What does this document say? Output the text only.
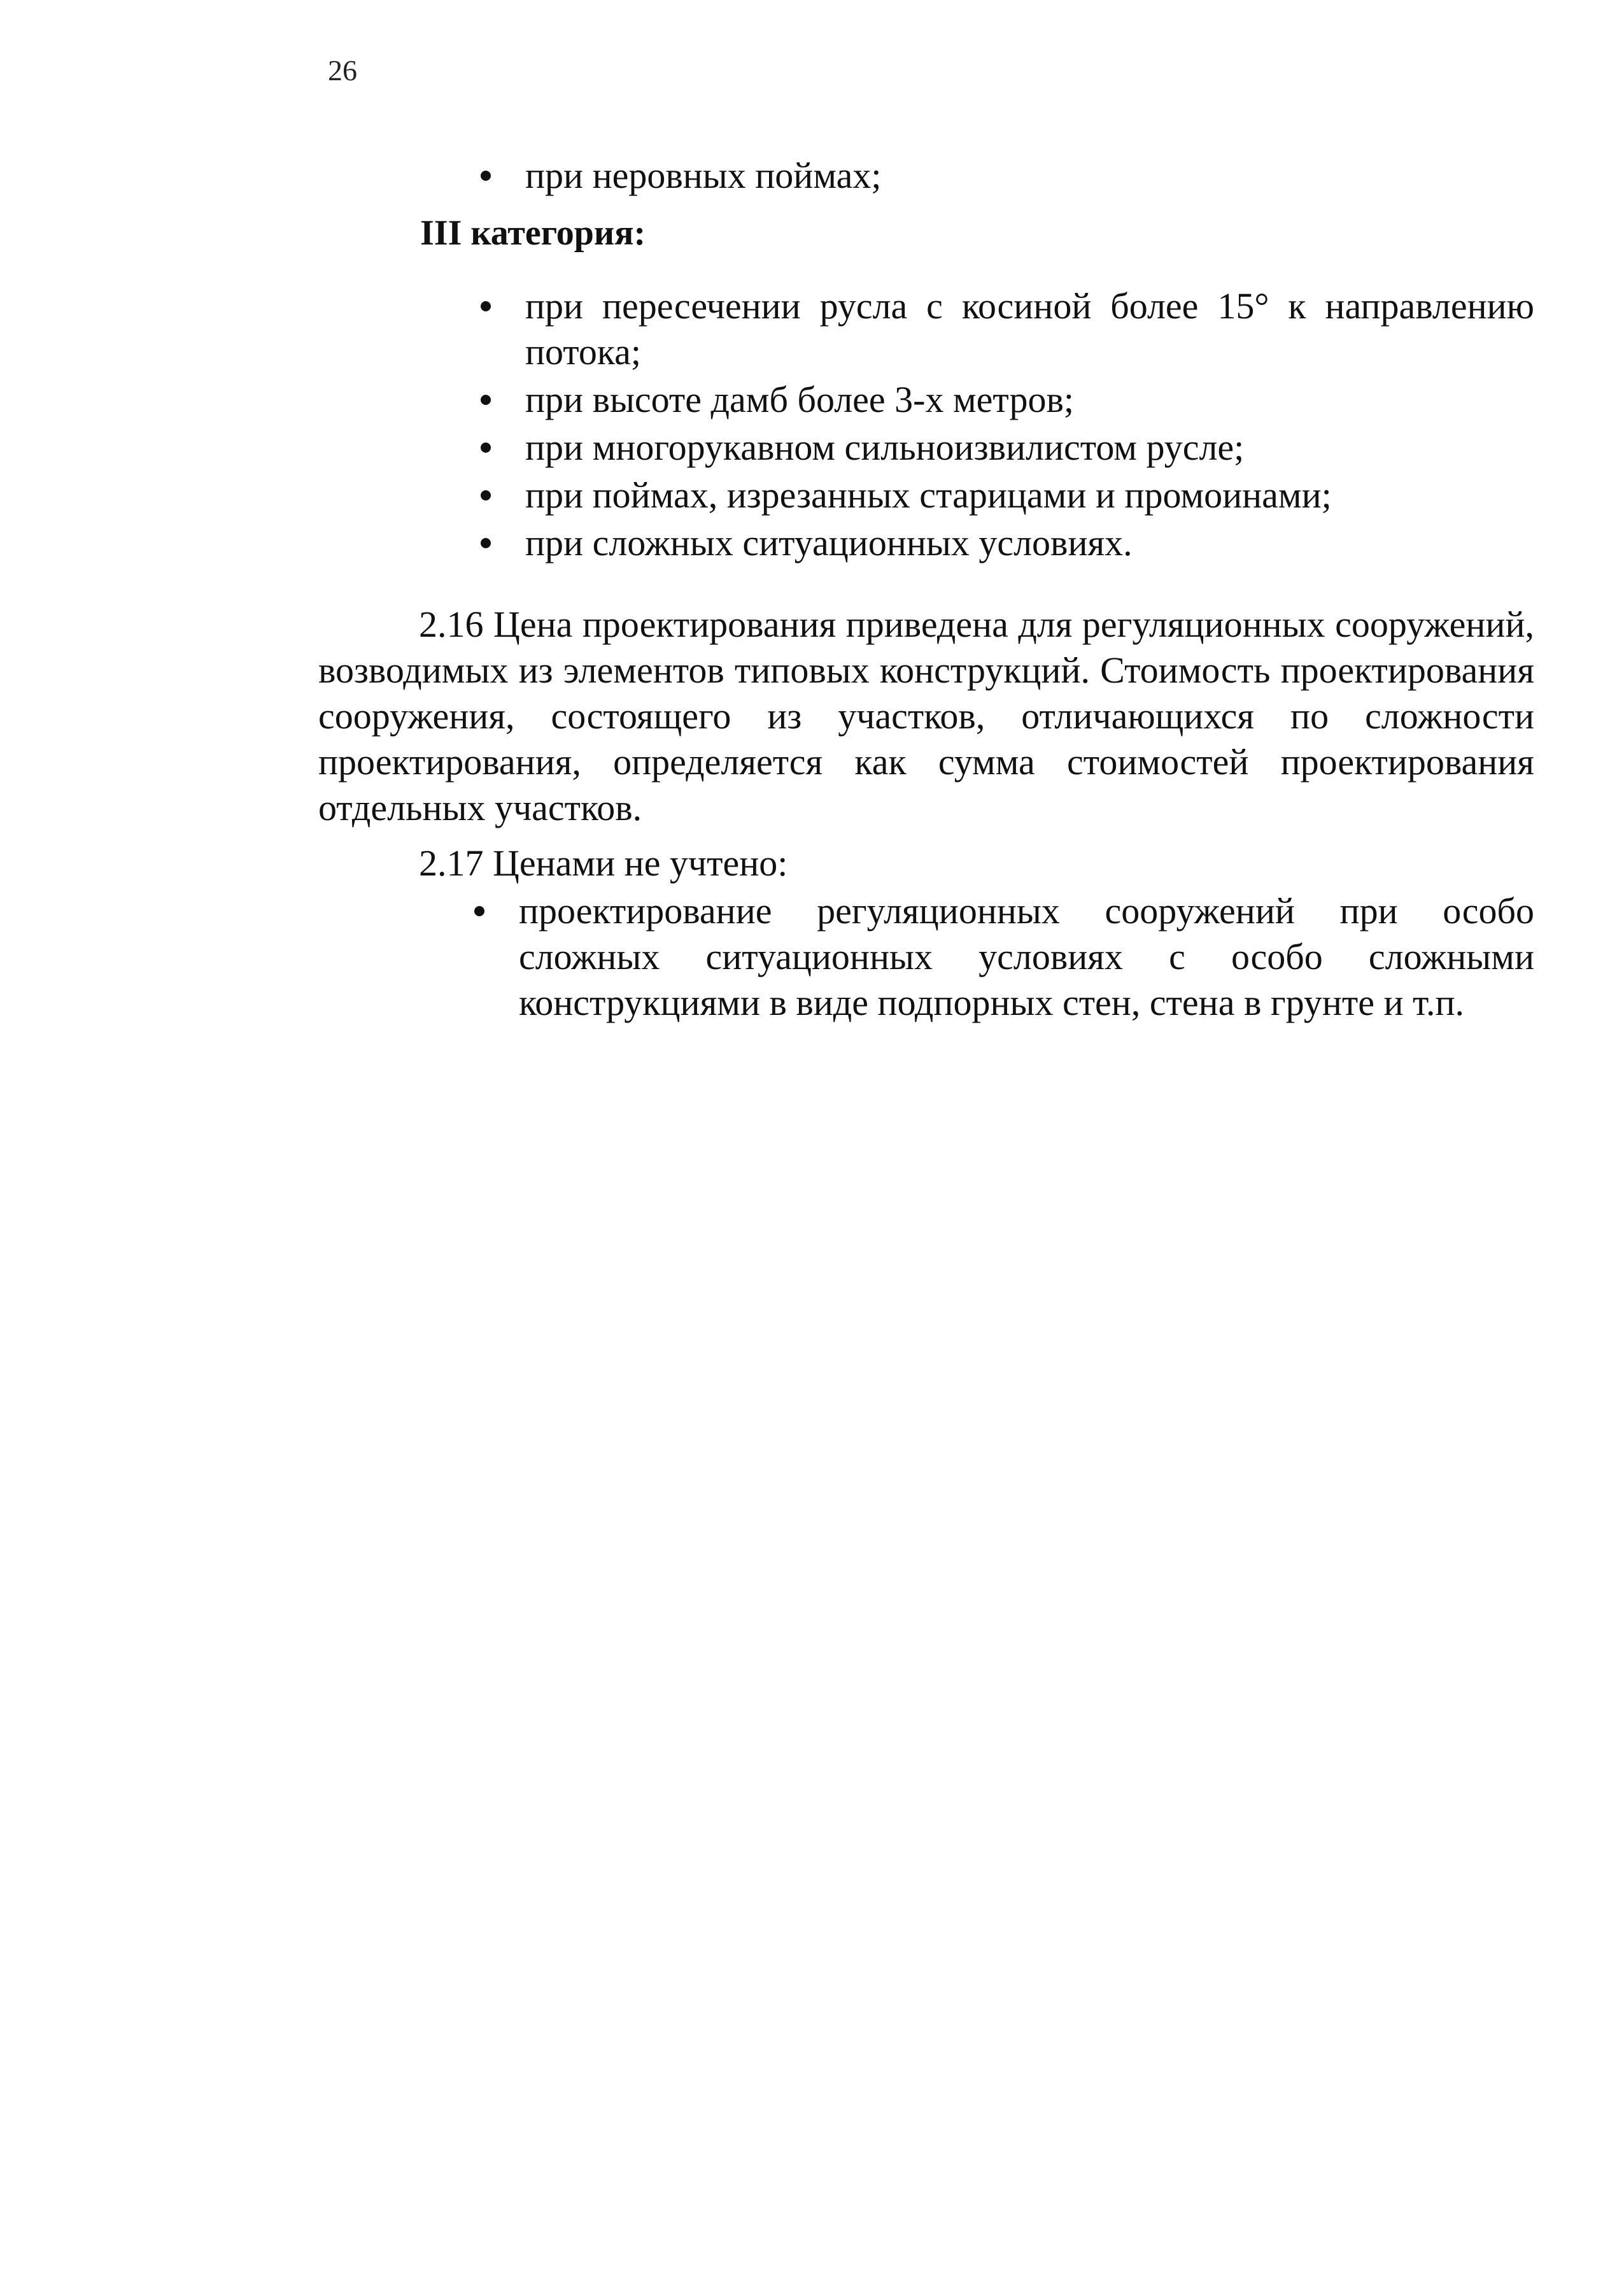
26
при неровных поймах;
III категория:
при пересечении русла с косиной более 15° к направлению потока;
при высоте дамб более 3-х метров;
при многорукавном сильноизвилистом русле;
при поймах, изрезанных старицами и промоинами;
при сложных ситуационных условиях.

2.16 Цена проектирования приведена для регуляционных сооружений, возводимых из элементов типовых конструкций. Стоимость проектирования сооружения, состоящего из участков, отличающихся по сложности проектирования, определяется как сумма стоимостей проектирования отдельных участков.

2.17 Ценами не учтено:

проектирование регуляционных сооружений при особо сложных ситуационных условиях с особо сложными конструкциями в виде подпорных стен, стена в грунте и т.п.
